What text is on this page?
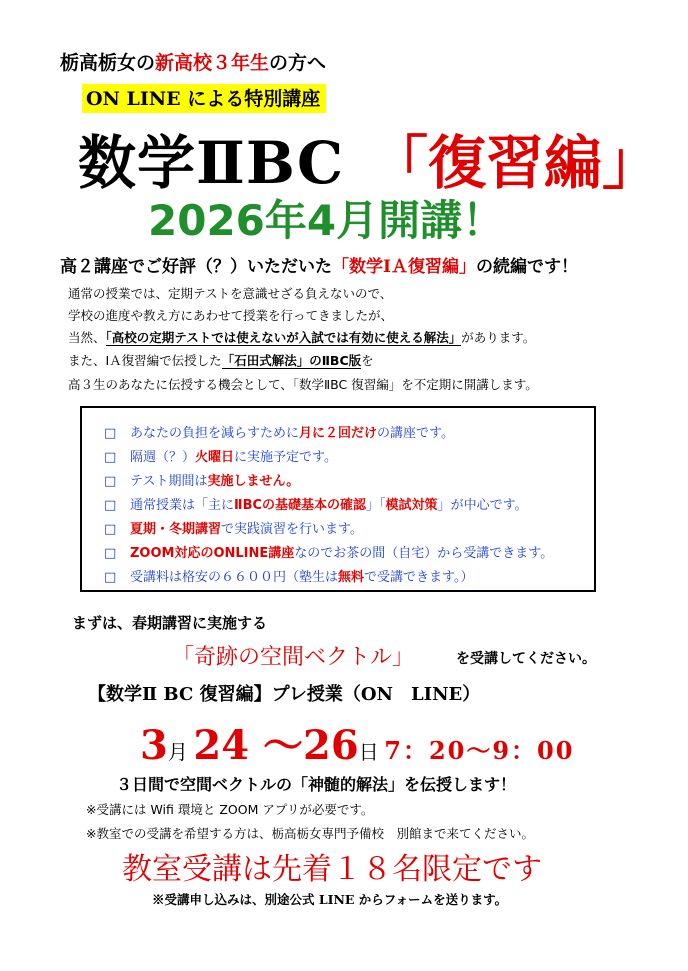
栃高栃女の新高校３年生の方へ
ON LINE による特別講座
数学ⅡBC 「復習編」
2026年4月開講！
高２講座でご好評（？）いただいた「数学ⅠＡ復習編」の続編です！
通常の授業では、定期テストを意識せざる負えないので、
学校の進度や教え方にあわせて授業を行ってきましたが、
当然、「高校の定期テストでは使えないが入試では有効に使える解法」があります。
また、ⅠＡ復習編で伝授した「石田式解法」のⅡBC版を
高３生のあなたに伝授する機会として、「数学ⅡBC 復習編」を不定期に開講します。
□ あなたの負担を減らすために月に２回だけの講座です。
□ 隔週（？）火曜日に実施予定です。
□ テスト期間は実施しません。
□ 通常授業は「主にⅡBCの基礎基本の確認」「模試対策」が中心です。
□ 夏期・冬期講習で実践演習を行います。
□ ZOOM対応のONLINE講座なのでお茶の間（自宅）から受講できます。
□ 受講料は格安の６６００円（塾生は無料で受講できます。）
まずは、春期講習に実施する
「奇跡の空間ベクトル」	を受講してください。
【数学Ⅱ BC 復習編】プレ授業（ON　LINE）
3月 24 ～26日 7：20～9：00
３日間で空間ベクトルの「神髄的解法」を伝授します！
※受講には Wifi 環境と ZOOM アプリが必要です。
※教室での受講を希望する方は、栃高栃女専門予備校　別館まで来てください。
教室受講は先着１８名限定です
※受講申し込みは、別途公式 LINE からフォームを送ります。
